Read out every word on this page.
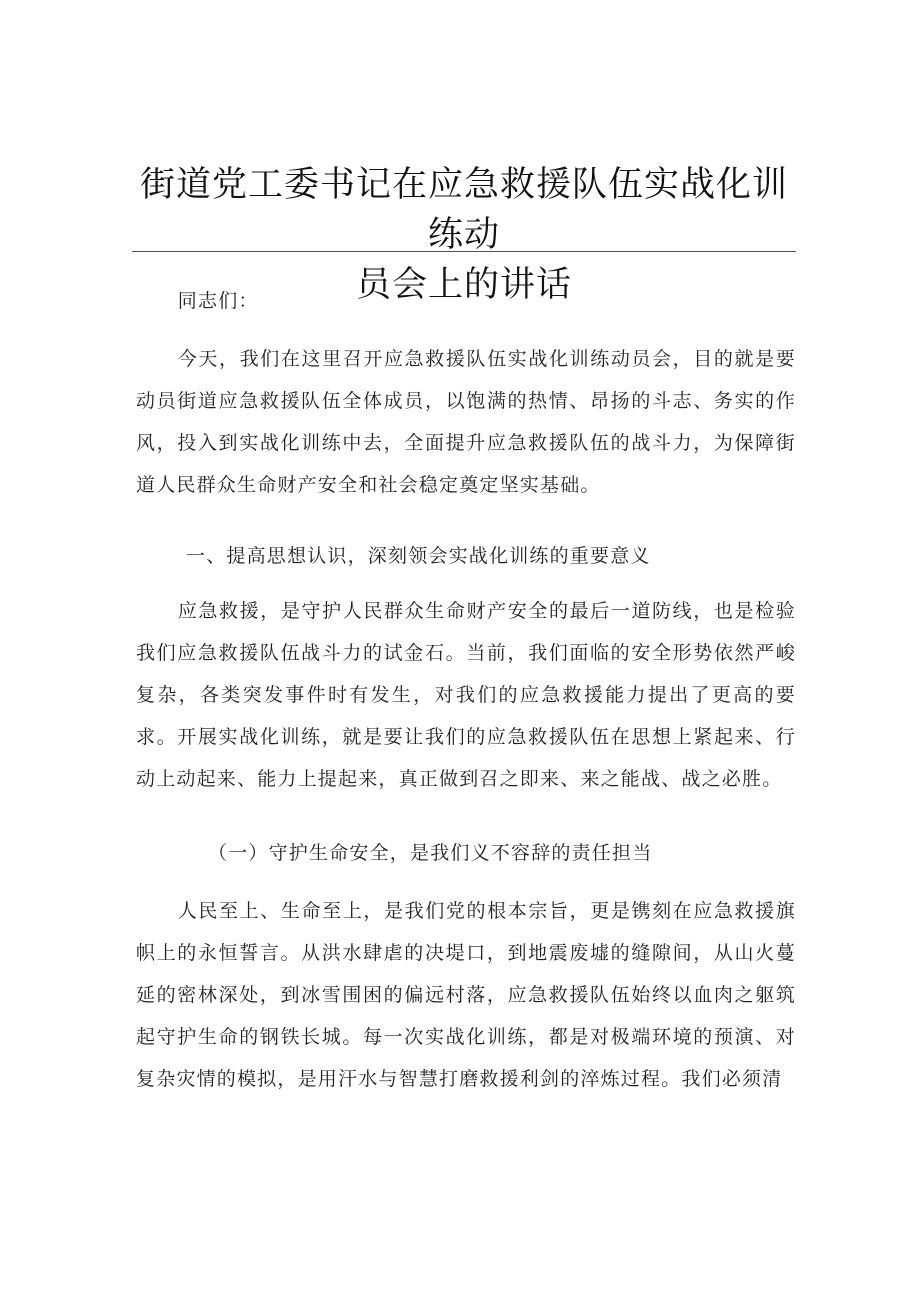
街道党工委书记在应急救援队伍实战化训练动
员会上的讲话

同志们：

今天，我们在这里召开应急救援队伍实战化训练动员会，目的就是要动员街道应急救援队伍全体成员，以饱满的热情、昂扬的斗志、务实的作风，投入到实战化训练中去，全面提升应急救援队伍的战斗力，为保障街道人民群众生命财产安全和社会稳定奠定坚实基础。

一、提高思想认识，深刻领会实战化训练的重要意义

应急救援，是守护人民群众生命财产安全的最后一道防线，也是检验我们应急救援队伍战斗力的试金石。当前，我们面临的安全形势依然严峻复杂，各类突发事件时有发生，对我们的应急救援能力提出了更高的要求。开展实战化训练，就是要让我们的应急救援队伍在思想上紧起来、行动上动起来、能力上提起来，真正做到召之即来、来之能战、战之必胜。

（一）守护生命安全，是我们义不容辞的责任担当

人民至上、生命至上，是我们党的根本宗旨，更是镌刻在应急救援旗帜上的永恒誓言。从洪水肆虐的决堤口，到地震废墟的缝隙间，从山火蔓延的密林深处，到冰雪围困的偏远村落，应急救援队伍始终以血肉之躯筑起守护生命的钢铁长城。每一次实战化训练，都是对极端环境的预演、对复杂灾情的模拟，是用汗水与智慧打磨救援利剑的淬炼过程。我们必须清
